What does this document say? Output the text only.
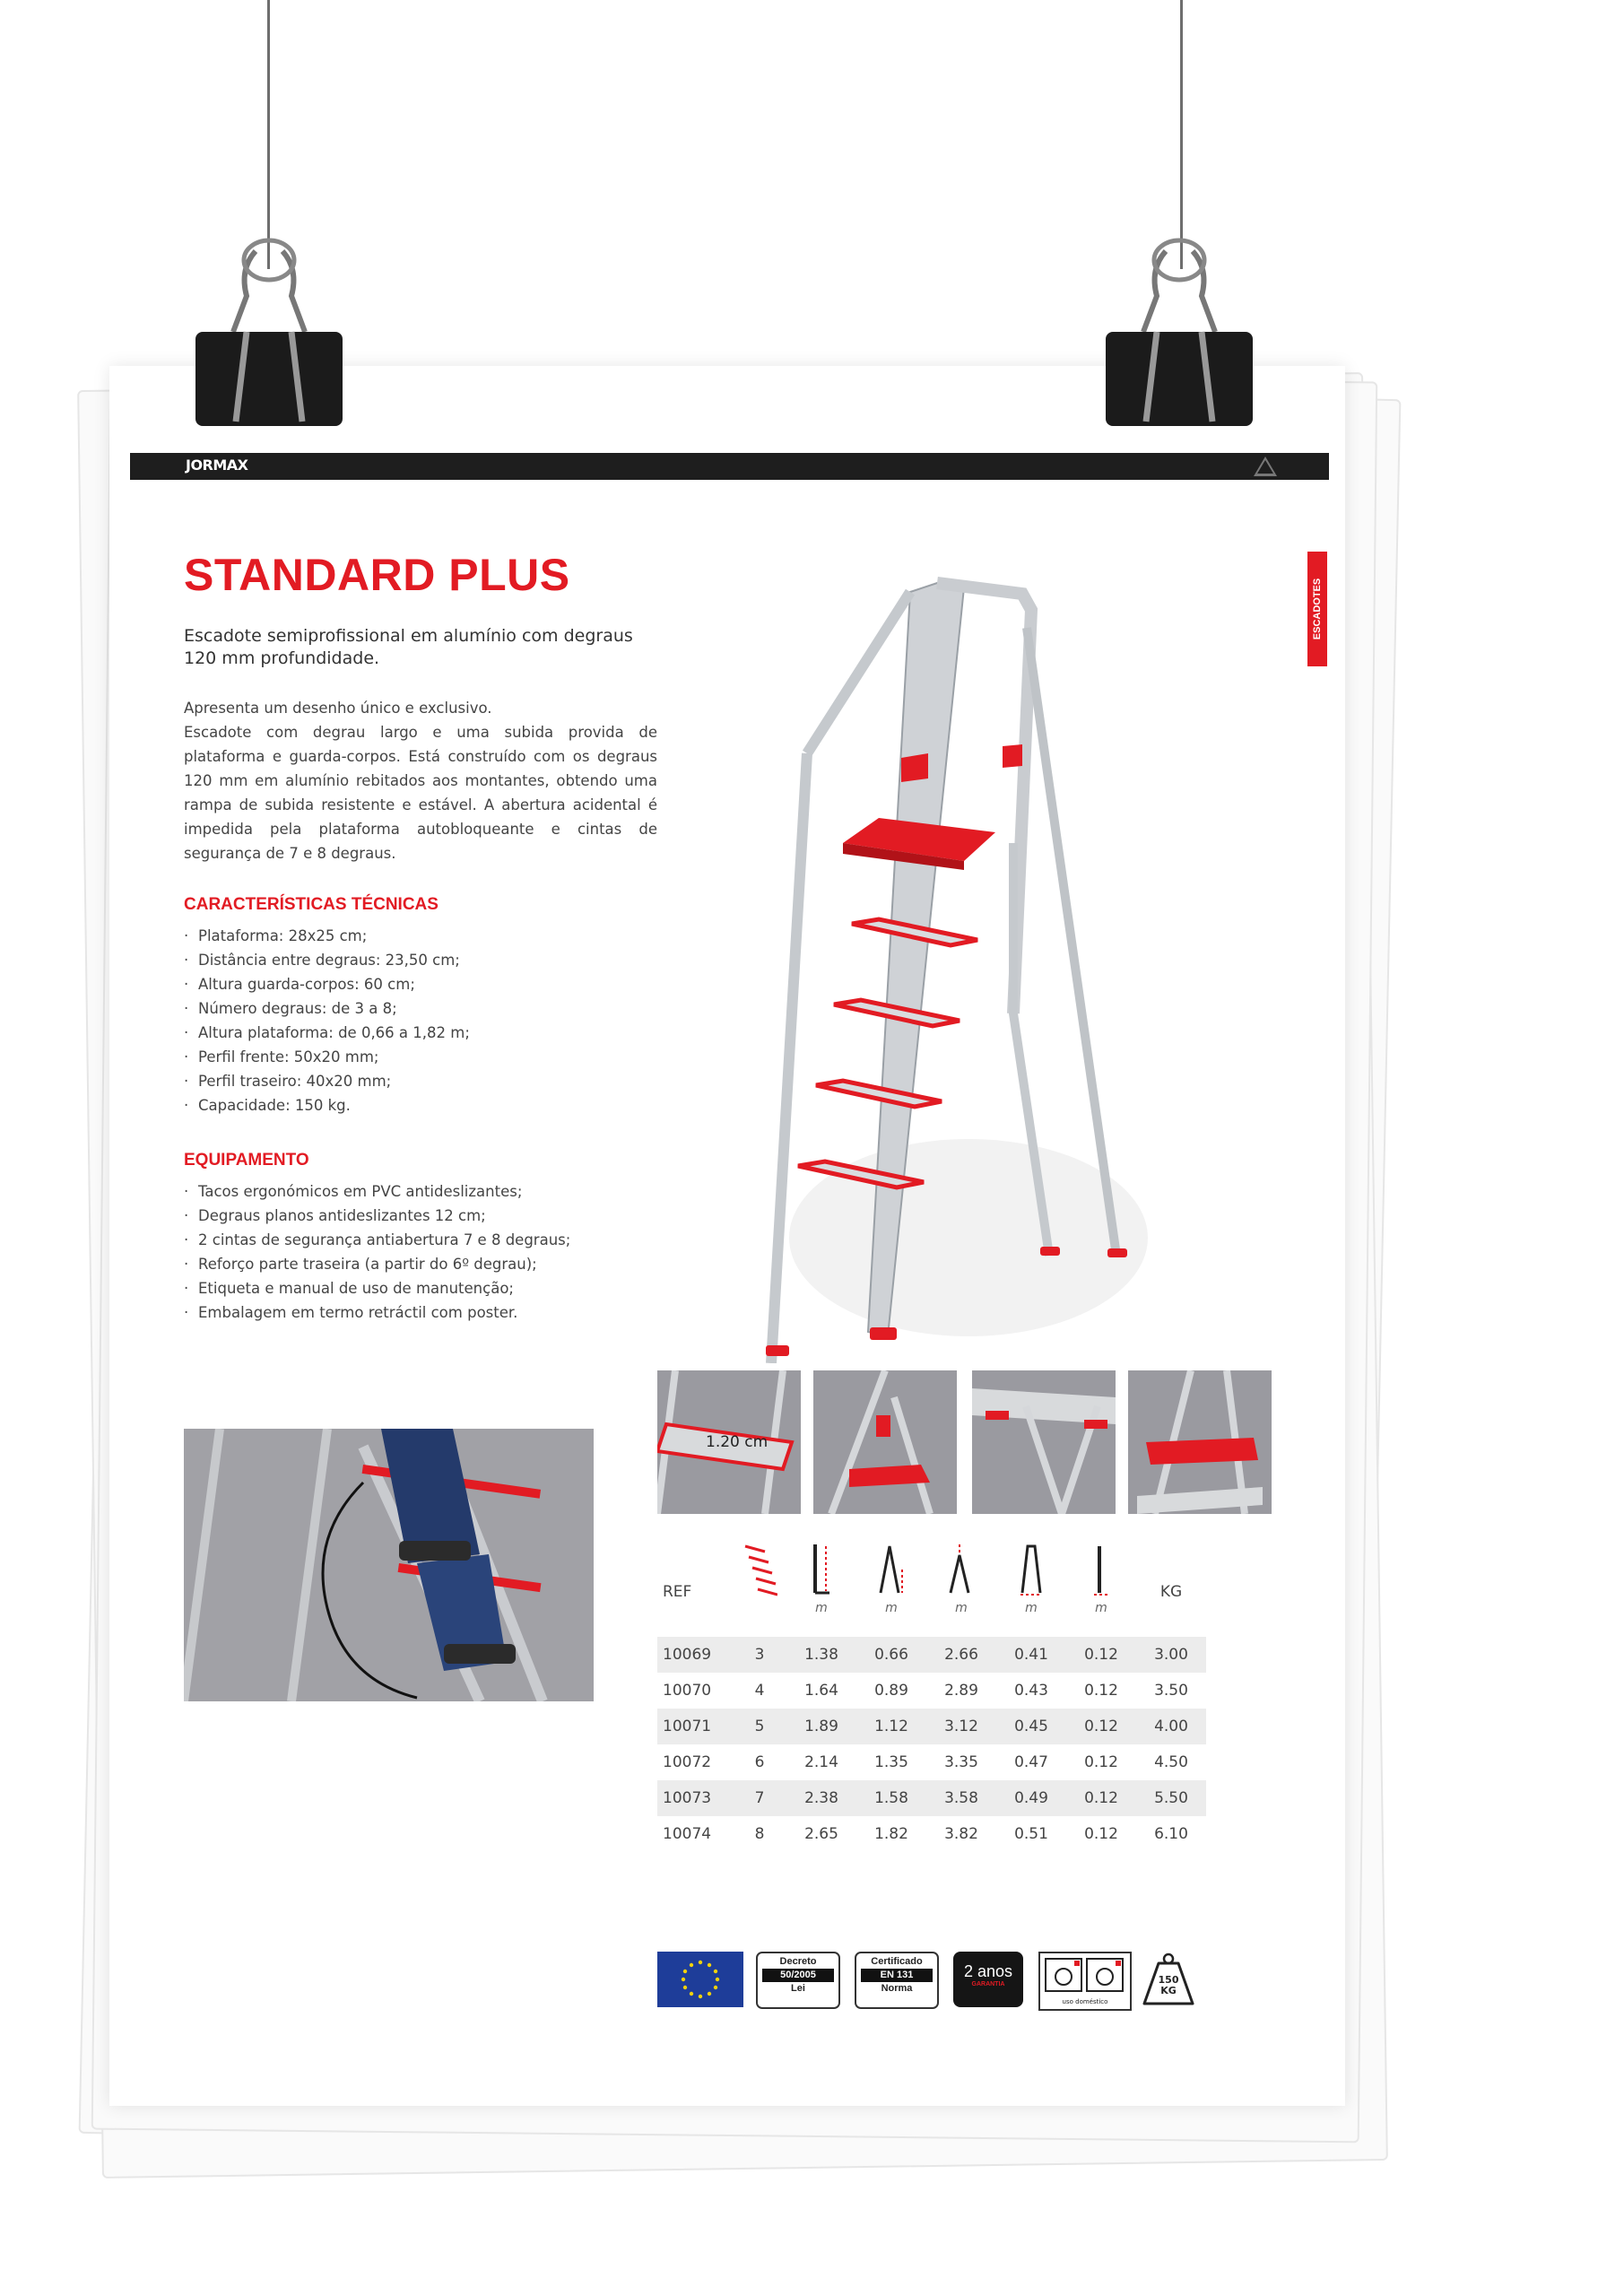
JORMAX
ESCADOTES
STANDARD PLUS

Escadote semiprofissional em alumínio com degraus 120 mm profundidade.

Apresenta um desenho único e exclusivo.
Escadote com degrau largo e uma subida provida de plataforma e guarda-corpos. Está construído com os degraus 120 mm em alumínio rebitados aos montantes, obtendo uma rampa de subida resistente e estável. A abertura acidental é impedida pela plataforma autobloqueante e cintas de segurança de 7 e 8 degraus.
CARACTERÍSTICAS TÉCNICAS
· Plataforma: 28x25 cm;
· Distância entre degraus: 23,50 cm;
· Altura guarda-corpos: 60 cm;
· Número degraus: de 3 a 8;
· Altura plataforma: de 0,66 a 1,82 m;
· Perfil frente: 50x20 mm;
· Perfil traseiro: 40x20 mm;
· Capacidade: 150 kg.
EQUIPAMENTO
· Tacos ergonómicos em PVC antideslizantes;
· Degraus planos antideslizantes 12 cm;
· 2 cintas de segurança antiabertura 7 e 8 degraus;
· Reforço parte traseira (a partir do 6º degrau);
· Etiqueta e manual de uso de manutenção;
· Embalagem em termo retráctil com poster.
1.20 cm
REF							KG
		m	m	m	m	m	
10069	3	1.38	0.66	2.66	0.41	0.12	3.00
10070	4	1.64	0.89	2.89	0.43	0.12	3.50
10071	5	1.89	1.12	3.12	0.45	0.12	4.00
10072	6	2.14	1.35	3.35	0.47	0.12	4.50
10073	7	2.38	1.58	3.58	0.49	0.12	5.50
10074	8	2.65	1.82	3.82	0.51	0.12	6.10
Decreto
50/2005
Lei
Certificado
EN 131
Norma
2 anos
GARANTIA
uso doméstico
150
KG
